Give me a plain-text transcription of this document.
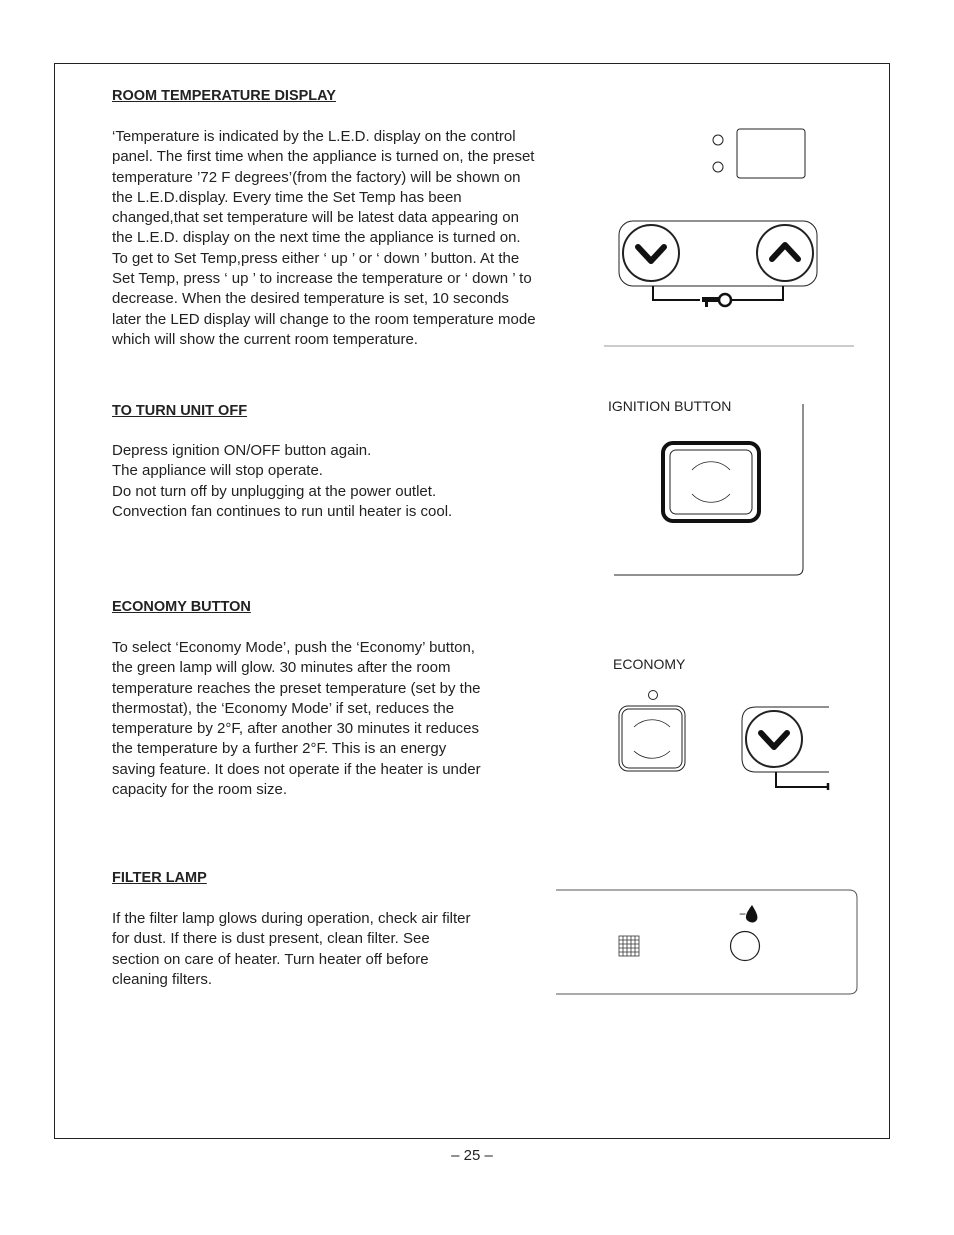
ROOM TEMPERATURE DISPLAY
‘Temperature is indicated by the L.E.D. display on the control
panel. The first time when the appliance is turned on, the preset
temperature ’72 F degrees’(from the factory) will be shown on
the L.E.D.display. Every time the Set Temp has been
changed,that set temperature will be latest data appearing on
the L.E.D. display on the next time the appliance is turned on.
To get to Set Temp,press either ‘ up ’ or ‘ down ’ button. At the
Set Temp, press ‘ up ’ to increase the temperature or ‘ down ’ to
decrease. When the desired temperature is set, 10 seconds
later the LED display will change to the room temperature mode
which will show the current room temperature.
TO TURN UNIT OFF
Depress ignition ON/OFF button again.
The appliance will stop operate.
Do not turn off by unplugging at the power outlet.
Convection fan continues to run until heater is cool.

IGNITION BUTTON

ECONOMY BUTTON
To select ‘Economy Mode’, push the ‘Economy’ button,
the green lamp will glow. 30 minutes after the room
temperature reaches the preset temperature (set by the
thermostat), the ‘Economy Mode’ if set, reduces the
temperature by 2°F, after another 30 minutes it reduces
the temperature by a further 2°F. This is an energy
saving feature. It does not operate if the heater is under
capacity for the room size.

ECONOMY

FILTER LAMP
If the filter lamp glows during operation, check air filter
for dust. If there is dust present, clean filter. See
section on care of heater. Turn heater off before
cleaning filters.
−
– 25 –
